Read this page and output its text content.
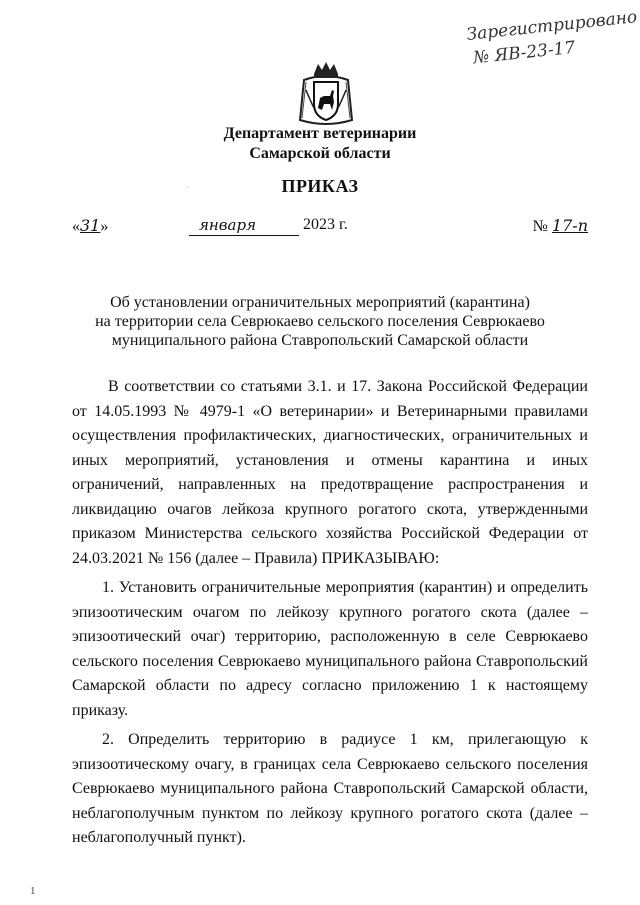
Зарегистрировано
№ ЯВ-23-17
Департамент ветеринарии
Самарской области
·	ПРИКАЗ
«31»	января	2023 г.	№ 17-п
Об установлении ограничительных мероприятий (карантина)
на территории села Севрюкаево сельского поселения Севрюкаево
муниципального района Ставропольский Самарской области

В соответствии со статьями 3.1. и 17. Закона Российской Федерации от 14.05.1993 № 4979-1 «О ветеринарии» и Ветеринарными правилами осуществления профилактических, диагностических, ограничительных и иных мероприятий, установления и отмены карантина и иных ограничений, направленных на предотвращение распространения и ликвидацию очагов лейкоза крупного рогатого скота, утвержденными приказом Министерства сельского хозяйства Российской Федерации от 24.03.2021 № 156 (далее – Правила) ПРИКАЗЫВАЮ:

1. Установить ограничительные мероприятия (карантин) и определить эпизоотическим очагом по лейкозу крупного рогатого скота (далее – эпизоотический очаг) территорию, расположенную в селе Севрюкаево сельского поселения Севрюкаево муниципального района Ставропольский Самарской области по адресу согласно приложению 1 к настоящему приказу.

2. Определить территорию в радиусе 1 км, прилегающую к эпизоотическому очагу, в границах села Севрюкаево сельского поселения Севрюкаево муниципального района Ставропольский Самарской области, неблагополучным пунктом по лейкозу крупного рогатого скота (далее – неблагополучный пункт).

1
